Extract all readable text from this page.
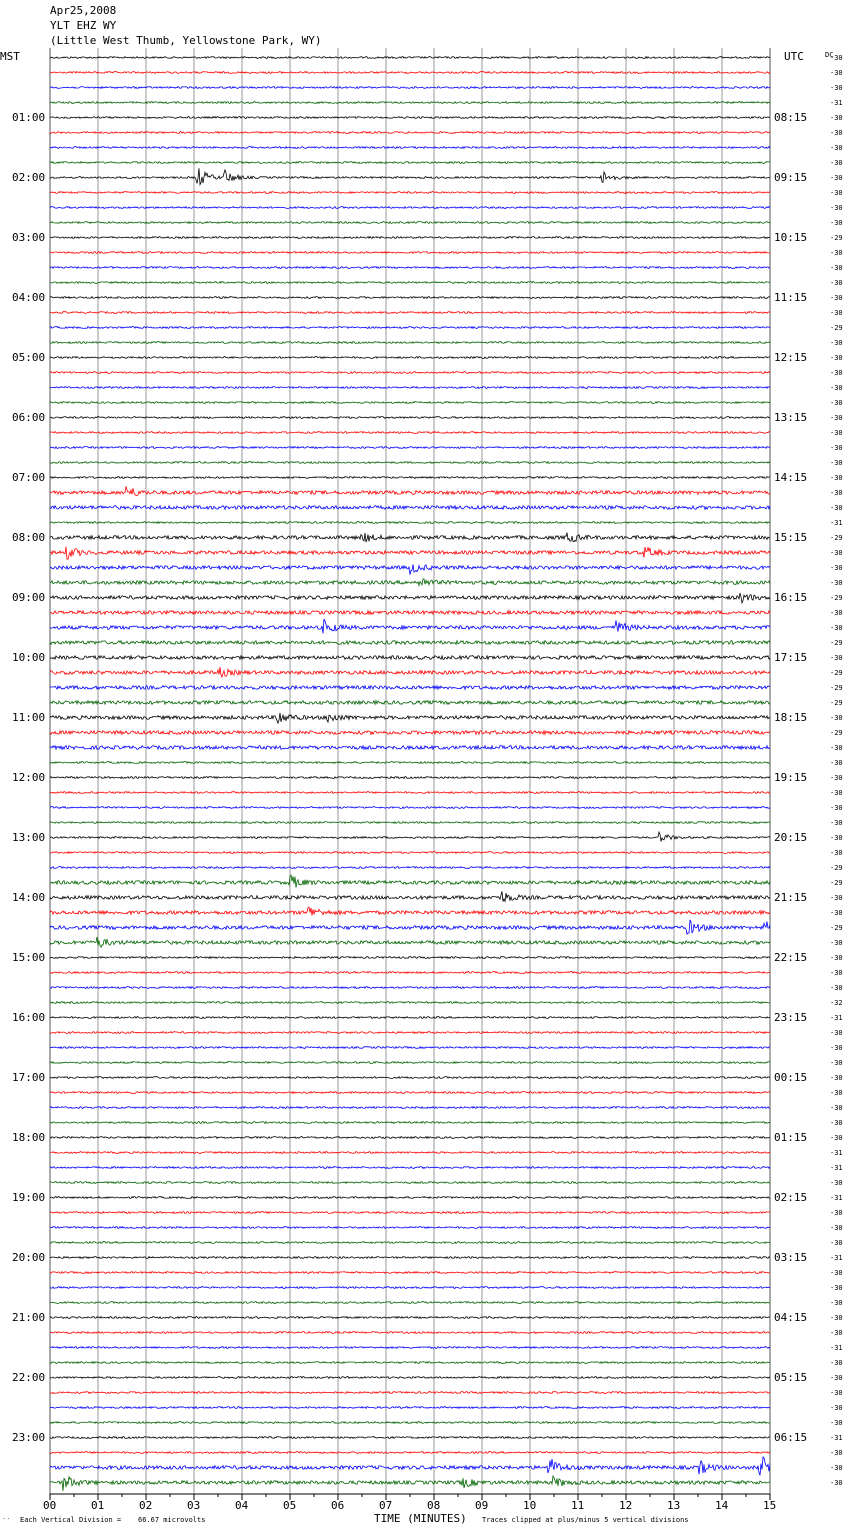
Apr25,2008
YLT EHZ WY
(Little West Thumb, Yellowstone Park, WY)
MST	UTC	DC
00	01	02	03	04	05	06	07	08	09	10	11	12	13	14	15
-30
-30
-30
-31
-30
-30
-30
-30
-30
-30
-30
-30
-29
-30
-30
-30
-30
-30
-29
-30
-30
-30
-30
-30
-30
-30
-30
-30
-30
-30
-30
-31
-29
-30
-30
-30
-29
-30
-30
-29
-30
-29
-29
-29
-30
-29
-30
-30
-30
-30
-30
-30
-30
-30
-29
-29
-30
-30
-29
-30
-30
-30
-30
-32
-31
-30
-30
-30
-30
-30
-30
-30
-30
-31
-31
-30
-31
-30
-30
-30
-31
-30
-30
-30
-30
-30
-31
-30
-30
-30
-30
-30
-31
-30
-30
-30
01:00
02:00
03:00
04:00
05:00
06:00
07:00
08:00
09:00
10:00
11:00
12:00
13:00
14:00
15:00
16:00
17:00
18:00
19:00
20:00
21:00
22:00
23:00
08:15
09:15
10:15
11:15
12:15
13:15
14:15
15:15
16:15
17:15
18:15
19:15
20:15
21:15
22:15
23:15
00:15
01:15
02:15
03:15
04:15
05:15
06:15
TIME (MINUTES)
Each Vertical Division =    66.67 microvolts	Traces clipped at plus/minus 5 vertical divisions
′′
